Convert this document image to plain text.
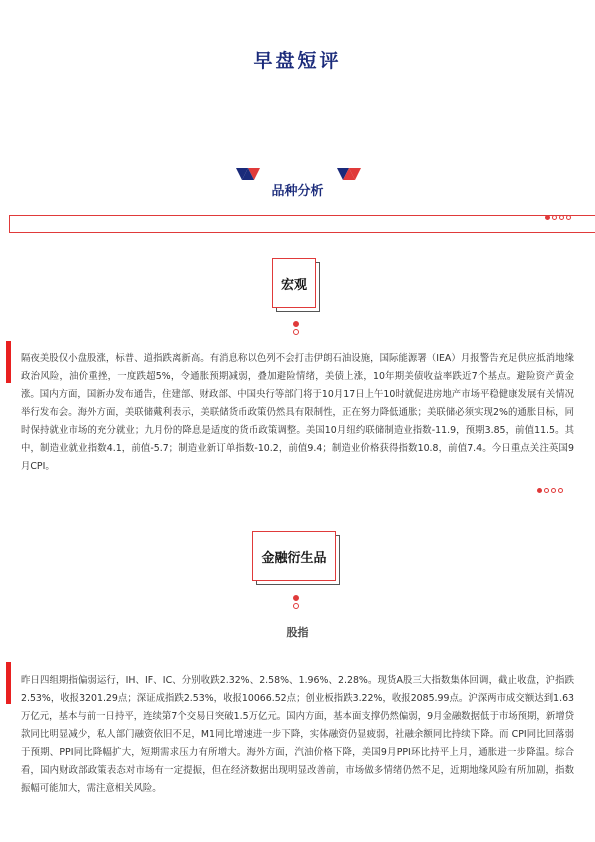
早盘短评
品种分析
宏观
隔夜美股仅小盘股涨，标普、道指跌离新高。有消息称以色列不会打击伊朗石油设施，国际能源署（IEA）月报警告充足供应抵消地缘政治风险，油价重挫，一度跌超5%，令通胀预期减弱，叠加避险情绪，美债上涨，10年期美债收益率跌近7个基点。避险资产黄金涨。国内方面，国新办发布通告，住建部、财政部、中国央行等部门将于10月17日上午10时就促进房地产市场平稳健康发展有关情况举行发布会。海外方面，美联储戴利表示，美联储货币政策仍然具有限制性，正在努力降低通胀；美联储必须实现2%的通胀目标，同时保持就业市场的充分就业；九月份的降息是适度的货币政策调整。美国10月纽约联储制造业指数-11.9，预期3.85，前值11.5。其中，制造业就业指数4.1，前值-5.7；制造业新订单指数-10.2，前值9.4；制造业价格获得指数10.8，前值7.4。今日重点关注英国9月CPI。
金融衍生品
股指
昨日四组期指偏弱运行，IH、IF、IC、分别收跌2.32%、2.58%、1.96%、2.28%。现货A股三大指数集体回调，截止收盘，沪指跌2.53%，收报3201.29点；深证成指跌2.53%，收报10066.52点；创业板指跌3.22%，收报2085.99点。沪深两市成交额达到1.63万亿元，基本与前一日持平，连续第7个交易日突破1.5万亿元。国内方面，基本面支撑仍然偏弱，9月金融数据低于市场预期，新增贷款同比明显减少，私人部门融资依旧不足，M1同比增速进一步下降，实体融资仍显疲弱，社融余额同比持续下降。而 CPI同比回落弱于预期、PPI同比降幅扩大，短期需求压力有所增大。海外方面，汽油价格下降，美国9月PPI环比持平上月，通胀进一步降温。综合看，国内财政部政策表态对市场有一定提振，但在经济数据出现明显改善前，市场做多情绪仍然不足，近期地缘风险有所加剧，指数振幅可能加大，需注意相关风险。
